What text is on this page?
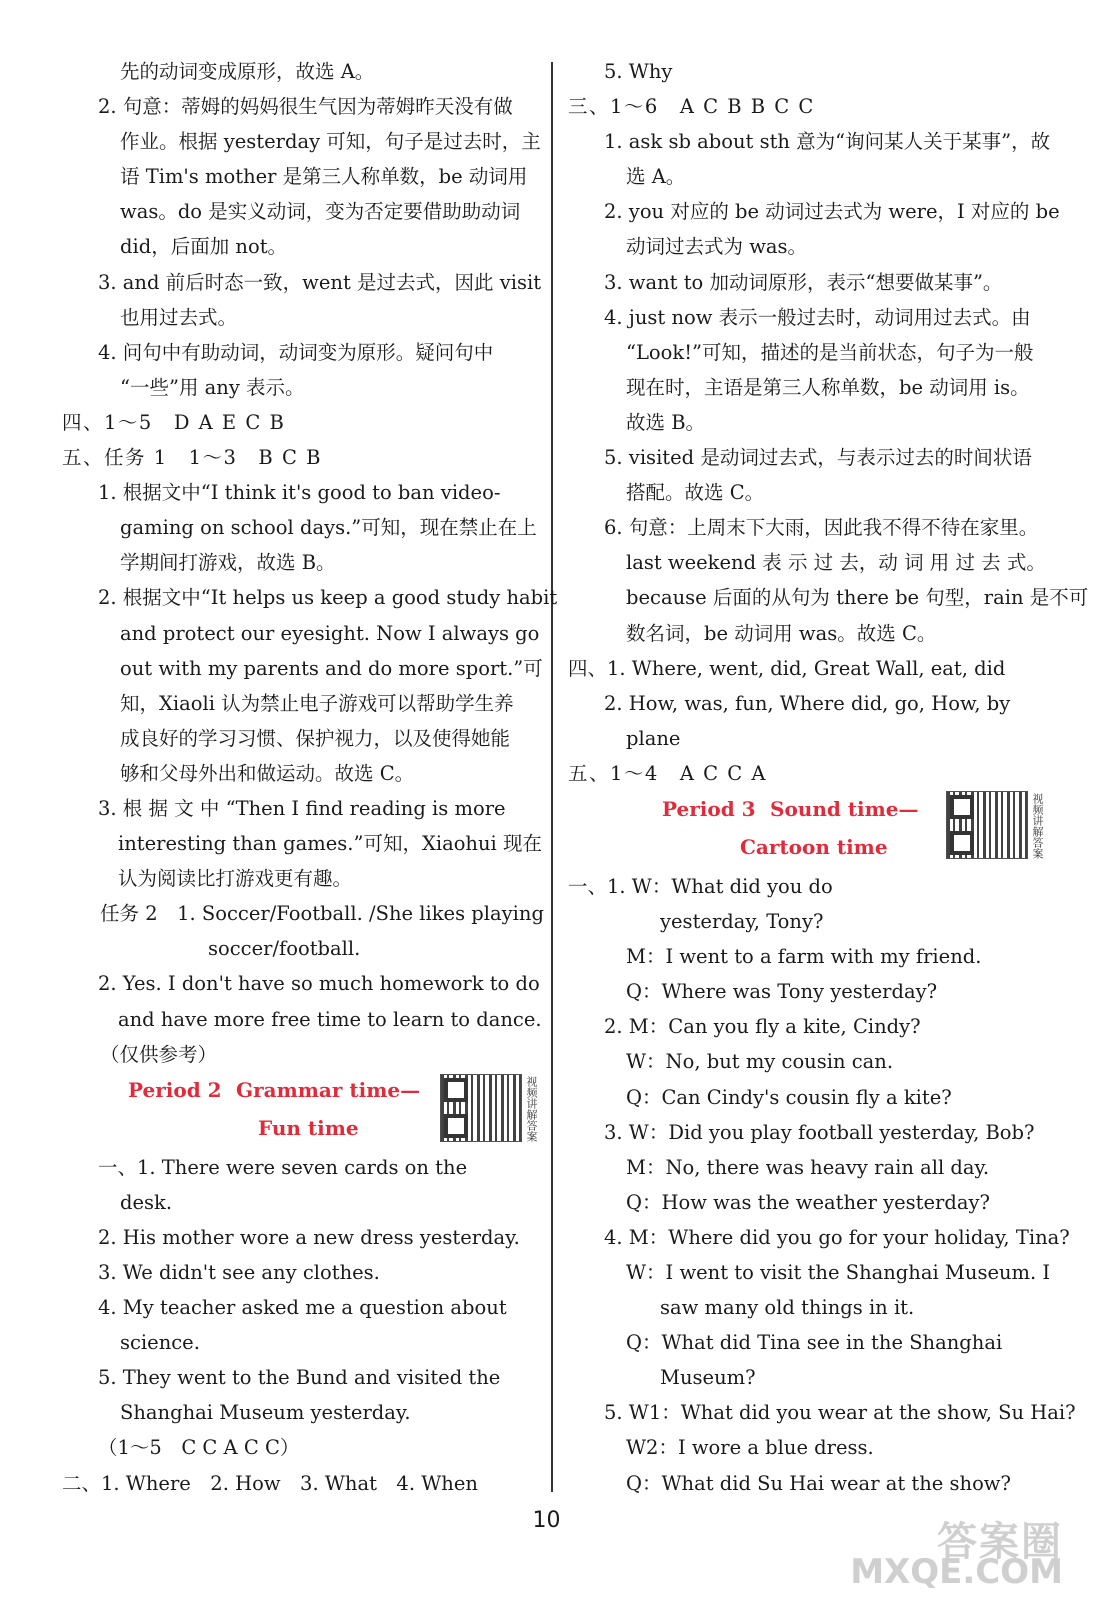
先的动词变成原形，故选 A。
2. 句意：蒂姆的妈妈很生气因为蒂姆昨天没有做
作业。根据 yesterday 可知，句子是过去时，主
语 Tim's mother 是第三人称单数，be 动词用
was。do 是实义动词，变为否定要借助助动词
did，后面加 not。
3. and 前后时态一致，went 是过去式，因此 visit
也用过去式。
4. 问句中有助动词，动词变为原形。疑问句中
“一些”用 any 表示。
四、1～5　D A E C B
五、任务 1　1～3　B C B
1. 根据文中“I think it's good to ban video-
gaming on school days.”可知，现在禁止在上
学期间打游戏，故选 B。
2. 根据文中“It helps us keep a good study habit
and protect our eyesight. Now I always go
out with my parents and do more sport.”可
知，Xiaoli 认为禁止电子游戏可以帮助学生养
成良好的学习习惯、保护视力，以及使得她能
够和父母外出和做运动。故选 C。
3. 根 据 文 中 “Then I find reading is more
interesting than games.”可知，Xiaohui 现在
认为阅读比打游戏更有趣。
任务 2　1. Soccer/Football. /She likes playing
soccer/football.
2. Yes. I don't have so much homework to do
and have more free time to learn to dance.
（仅供参考）
Period 2 Grammar time—
Fun time	视频讲解答案
一、1. There were seven cards on the
desk.
2. His mother wore a new dress yesterday.
3. We didn't see any clothes.
4. My teacher asked me a question about
science.
5. They went to the Bund and visited the
Shanghai Museum yesterday.
（1～5　C C A C C）
二、1. Where　2. How　3. What　4. When
5. Why
三、1～6　A C B B C C
1. ask sb about sth 意为“询问某人关于某事”，故
选 A。
2. you 对应的 be 动词过去式为 were，I 对应的 be
动词过去式为 was。
3. want to 加动词原形，表示“想要做某事”。
4. just now 表示一般过去时，动词用过去式。由
“Look!”可知，描述的是当前状态，句子为一般
现在时，主语是第三人称单数，be 动词用 is。
故选 B。
5. visited 是动词过去式，与表示过去的时间状语
搭配。故选 C。
6. 句意：上周末下大雨，因此我不得不待在家里。
last weekend 表 示 过 去，动 词 用 过 去 式。
because 后面的从句为 there be 句型，rain 是不可
数名词，be 动词用 was。故选 C。
四、1. Where, went, did, Great Wall, eat, did
2. How, was, fun, Where did, go, How, by
plane
五、1～4　A C C A
Period 3 Sound time—
Cartoon time	视频讲解答案
一、1. W：What did you do
yesterday, Tony?
M：I went to a farm with my friend.
Q：Where was Tony yesterday?
2. M：Can you fly a kite, Cindy?
W：No, but my cousin can.
Q：Can Cindy's cousin fly a kite?
3. W：Did you play football yesterday, Bob?
M：No, there was heavy rain all day.
Q：How was the weather yesterday?
4. M：Where did you go for your holiday, Tina?
W：I went to visit the Shanghai Museum. I
saw many old things in it.
Q：What did Tina see in the Shanghai
Museum?
5. W1：What did you wear at the show, Su Hai?
W2：I wore a blue dress.
Q：What did Su Hai wear at the show?
10	答案圈
MXQE.COM
